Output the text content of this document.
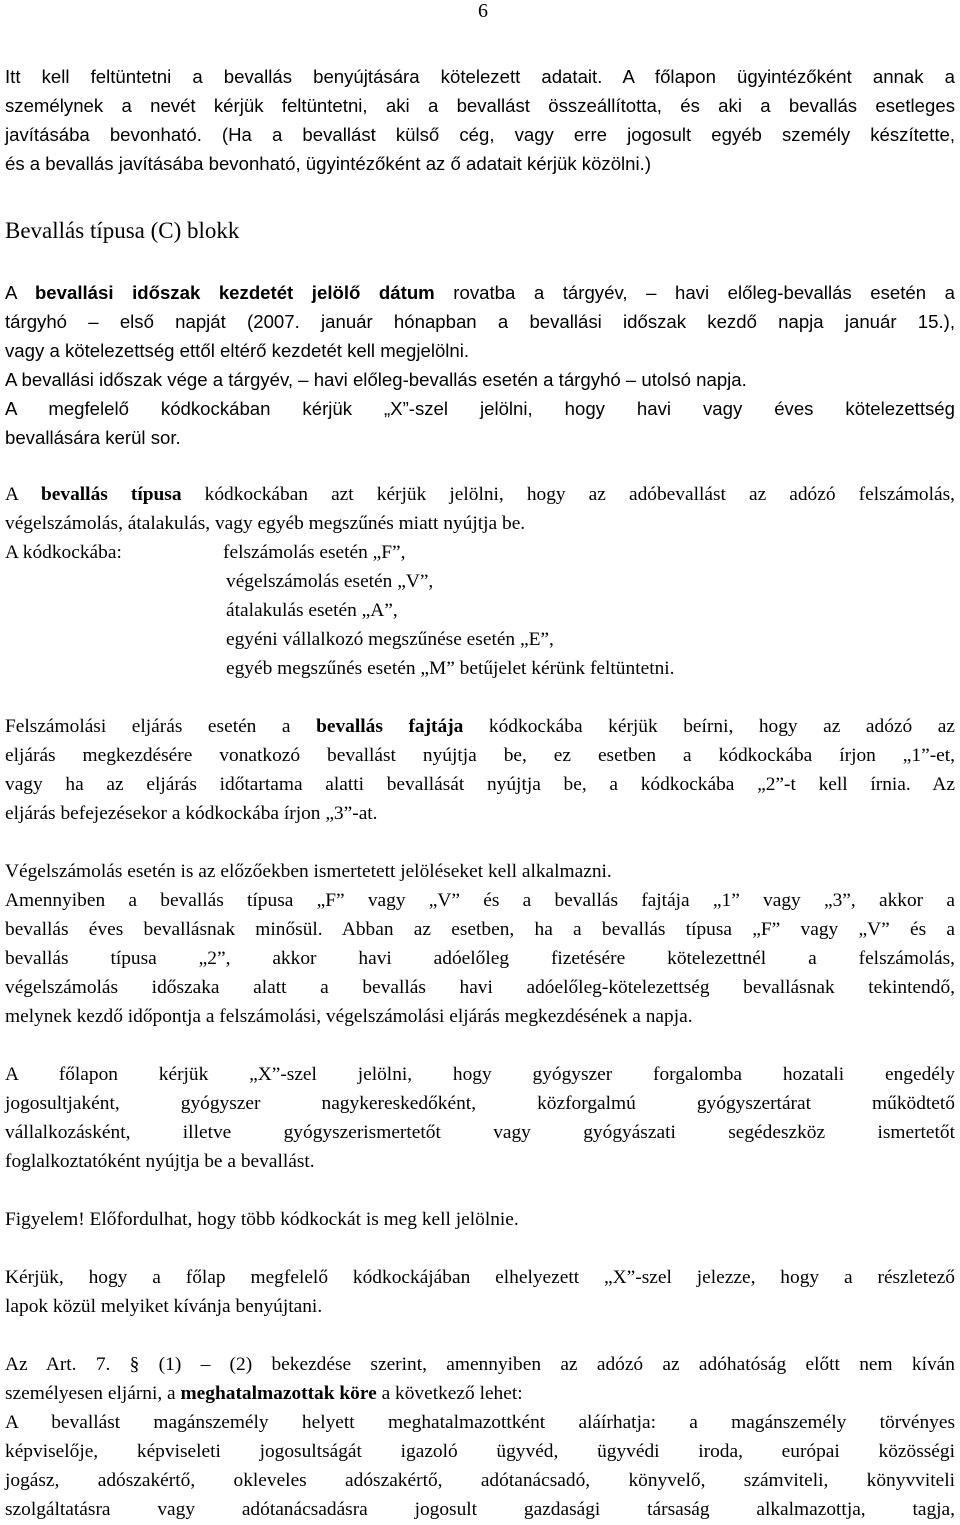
6
Itt kell feltüntetni a bevallás benyújtására kötelezett adatait. A főlapon ügyintézőként annak a
személynek a nevét kérjük feltüntetni, aki a bevallást összeállította, és aki a bevallás esetleges
javításába bevonható. (Ha a bevallást külső cég, vagy erre jogosult egyéb személy készítette,
és a bevallás javításába bevonható, ügyintézőként az ő adatait kérjük közölni.)
Bevallás típusa (C) blokk
A bevallási időszak kezdetét jelölő dátum rovatba a tárgyév, – havi előleg-bevallás esetén a
tárgyhó – első napját (2007. január hónapban a bevallási időszak kezdő napja január 15.),
vagy a kötelezettség ettől eltérő kezdetét kell megjelölni.
A bevallási időszak vége a tárgyév, – havi előleg-bevallás esetén a tárgyhó – utolsó napja.
A megfelelő kódkockában kérjük „X”-szel jelölni, hogy havi vagy éves kötelezettség
bevallására kerül sor.
A bevallás típusa kódkockában azt kérjük jelölni, hogy az adóbevallást az adózó felszámolás,
végelszámolás, átalakulás, vagy egyéb megszűnés miatt nyújtja be.
A kódkockába:	felszámolás esetén „F”,
végelszámolás esetén „V”,
átalakulás esetén „A”,
egyéni vállalkozó megszűnése esetén „E”,
egyéb megszűnés esetén „M” betűjelet kérünk feltüntetni.
Felszámolási eljárás esetén a bevallás fajtája kódkockába kérjük beírni, hogy az adózó az
eljárás megkezdésére vonatkozó bevallást nyújtja be, ez esetben a kódkockába írjon „1”-et,
vagy ha az eljárás időtartama alatti bevallását nyújtja be, a kódkockába „2”-t kell írnia. Az
eljárás befejezésekor a kódkockába írjon „3”-at.
Végelszámolás esetén is az előzőekben ismertetett jelöléseket kell alkalmazni.
Amennyiben a bevallás típusa „F” vagy „V” és a bevallás fajtája „1” vagy „3”, akkor a
bevallás éves bevallásnak minősül. Abban az esetben, ha a bevallás típusa „F” vagy „V” és a
bevallás típusa „2”, akkor havi adóelőleg fizetésére kötelezettnél a felszámolás,
végelszámolás időszaka alatt a bevallás havi adóelőleg-kötelezettség bevallásnak tekintendő,
melynek kezdő időpontja a felszámolási, végelszámolási eljárás megkezdésének a napja.
A főlapon kérjük „X”-szel jelölni, hogy gyógyszer forgalomba hozatali engedély
jogosultjaként, gyógyszer nagykereskedőként, közforgalmú gyógyszertárat működtető
vállalkozásként, illetve gyógyszerismertetőt vagy gyógyászati segédeszköz ismertetőt
foglalkoztatóként nyújtja be a bevallást.
Figyelem! Előfordulhat, hogy több kódkockát is meg kell jelölnie.
Kérjük, hogy a főlap megfelelő kódkockájában elhelyezett „X”-szel jelezze, hogy a részletező
lapok közül melyiket kívánja benyújtani.
Az Art. 7. § (1) – (2) bekezdése szerint, amennyiben az adózó az adóhatóság előtt nem kíván
személyesen eljárni, a meghatalmazottak köre a következő lehet:
A bevallást magánszemély helyett meghatalmazottként aláírhatja: a magánszemély törvényes
képviselője, képviseleti jogosultságát igazoló ügyvéd, ügyvédi iroda, európai közösségi
jogász, adószakértő, okleveles adószakértő, adótanácsadó, könyvelő, számviteli, könyvviteli
szolgáltatásra vagy adótanácsadásra jogosult gazdasági társaság alkalmazottja, tagja,
